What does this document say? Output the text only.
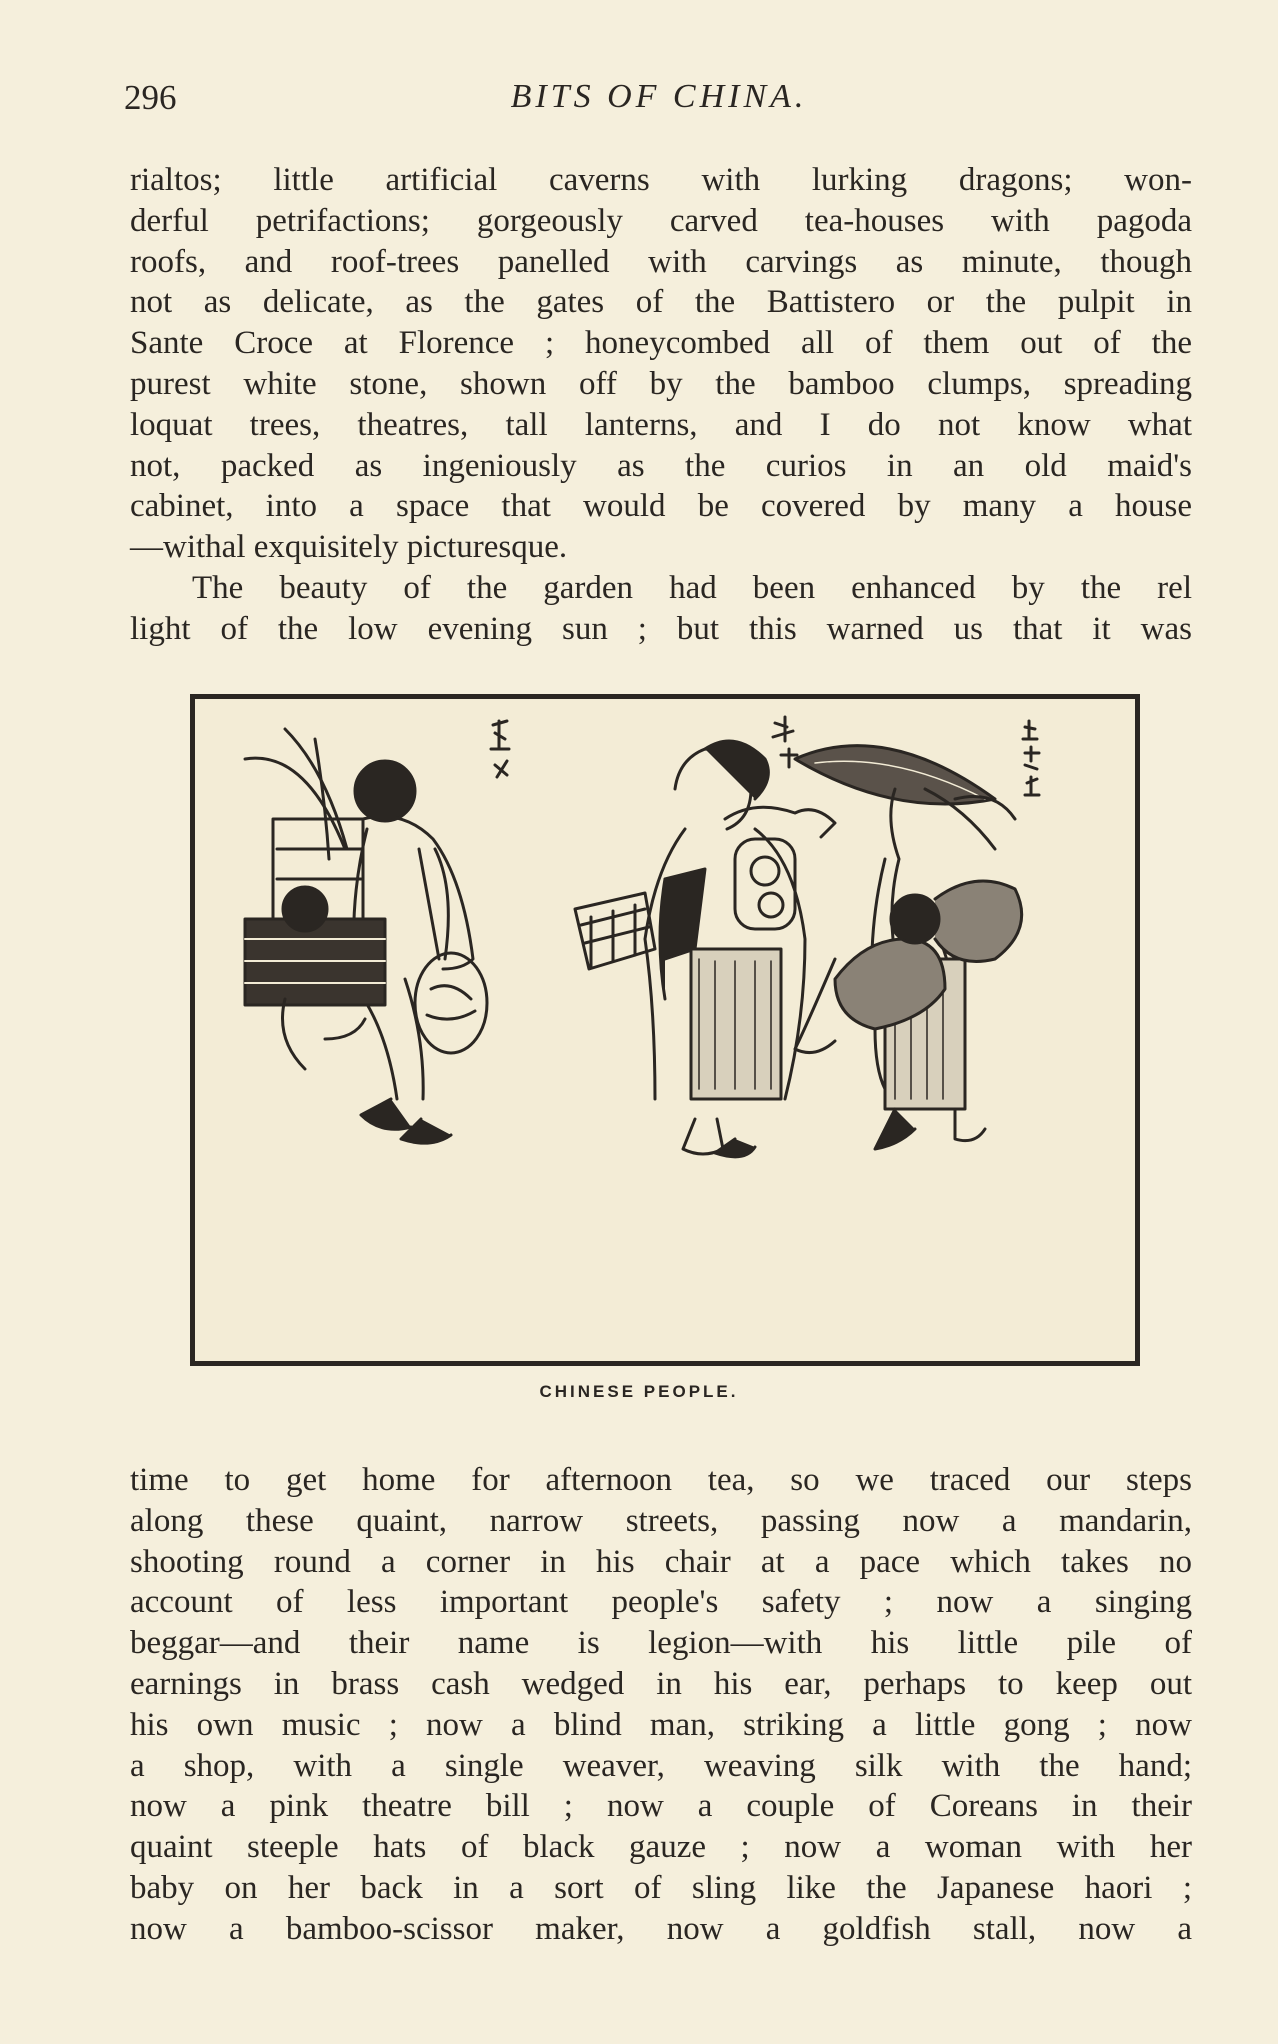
296	BITS OF CHINA.

rialtos; little artificial caverns with lurking dragons; won-
derful petrifactions; gorgeously carved tea-houses with pagoda
roofs, and roof-trees panelled with carvings as minute, though
not as delicate, as the gates of the Battistero or the pulpit in
Sante Croce at Florence ; honeycombed all of them out of the
purest white stone, shown off by the bamboo clumps, spreading
loquat trees, theatres, tall lanterns, and I do not know what
not, packed as ingeniously as the curios in an old maid's
cabinet, into a space that would be covered by many a house
—withal exquisitely picturesque.
The beauty of the garden had been enhanced by the rel
light of the low evening sun ; but this warned us that it was

CHINESE PEOPLE.

time to get home for afternoon tea, so we traced our steps
along these quaint, narrow streets, passing now a mandarin,
shooting round a corner in his chair at a pace which takes no
account of less important people's safety ; now a singing
beggar—and their name is legion—with his little pile of
earnings in brass cash wedged in his ear, perhaps to keep out
his own music ; now a blind man, striking a little gong ; now
a shop, with a single weaver, weaving silk with the hand;
now a pink theatre bill ; now a couple of Coreans in their
quaint steeple hats of black gauze ; now a woman with her
baby on her back in a sort of sling like the Japanese haori ;
now a bamboo-scissor maker, now a goldfish stall, now a
